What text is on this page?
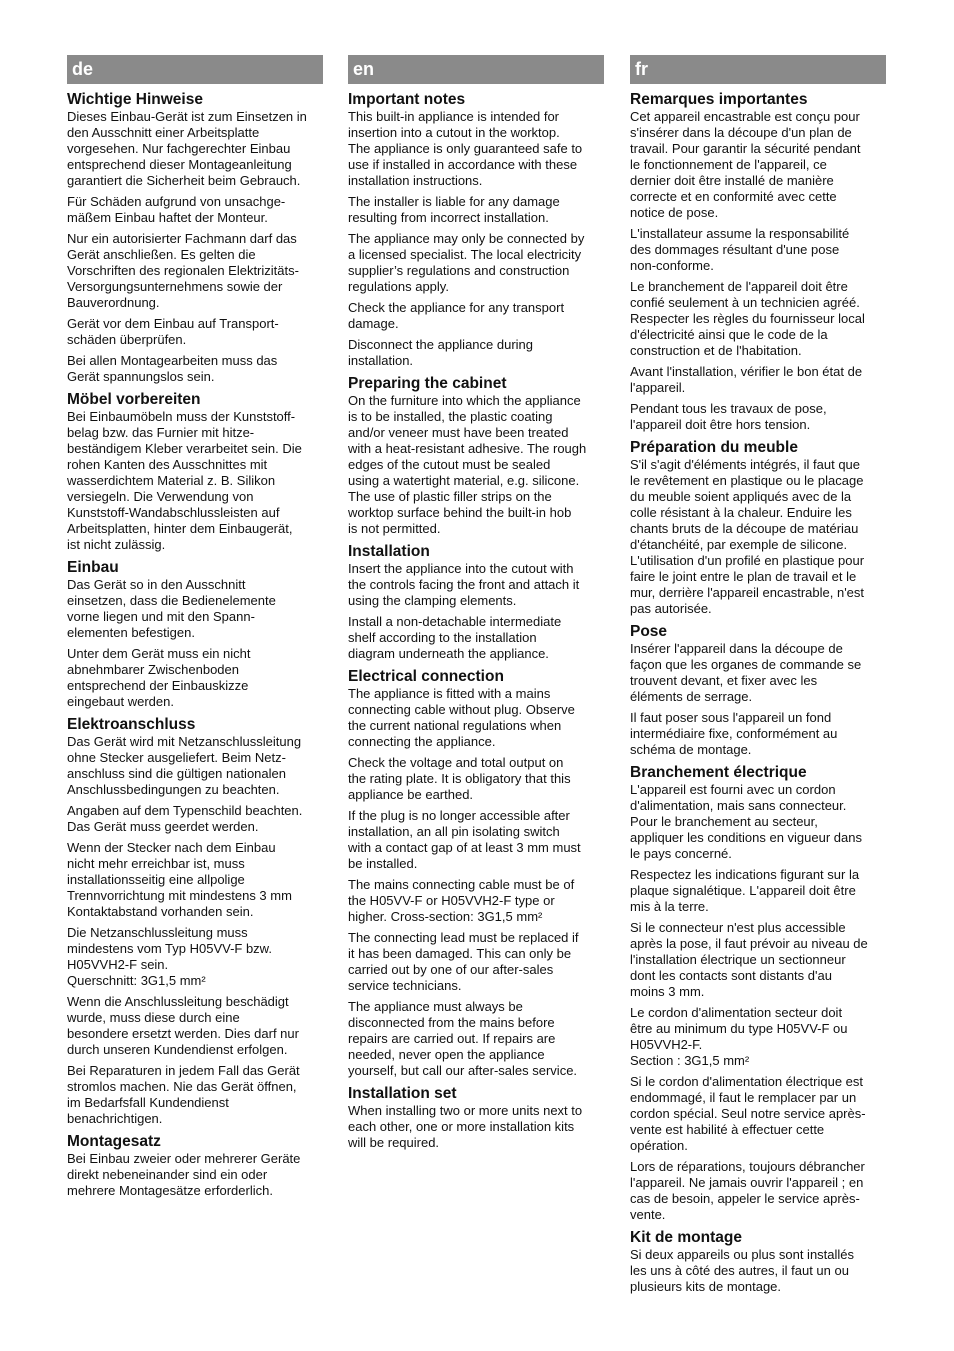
de
Wichtige Hinweise

Dieses Einbau-Gerät ist zum Einsetzen in
den Ausschnitt einer Arbeitsplatte
vorgesehen. Nur fachgerechter Einbau
entsprechend dieser Montageanleitung
garantiert die Sicherheit beim Gebrauch.

Für Schäden aufgrund von unsachge-
mäßem Einbau haftet der Monteur.

Nur ein autorisierter Fachmann darf das
Gerät anschließen. Es gelten die
Vorschriften des regionalen Elektrizitäts-
Versorgungsunternehmens sowie der
Bauverordnung.

Gerät vor dem Einbau auf Transport-
schäden überprüfen.

Bei allen Montagearbeiten muss das
Gerät spannungslos sein.

Möbel vorbereiten

Bei Einbaumöbeln muss der Kunststoff-
belag bzw. das Furnier mit hitze-
beständigem Kleber verarbeitet sein. Die
rohen Kanten des Ausschnittes mit
wasserdichtem Material z. B. Silikon
versiegeln. Die Verwendung von
Kunststoff-Wandabschlussleisten auf
Arbeitsplatten, hinter dem Einbaugerät,
ist nicht zulässig.

Einbau

Das Gerät so in den Ausschnitt
einsetzen, dass die Bedienelemente
vorne liegen und mit den Spann-
elementen befestigen.

Unter dem Gerät muss ein nicht
abnehmbarer Zwischenboden
entsprechend der Einbauskizze
eingebaut werden.

Elektroanschluss

Das Gerät wird mit Netzanschlussleitung
ohne Stecker ausgeliefert. Beim Netz-
anschluss sind die gültigen nationalen
Anschlussbedingungen zu beachten.

Angaben auf dem Typenschild beachten.
Das Gerät muss geerdet werden.

Wenn der Stecker nach dem Einbau
nicht mehr erreichbar ist, muss
installationsseitig eine allpolige
Trennvorrichtung mit mindestens 3 mm
Kontaktabstand vorhanden sein.

Die Netzanschlussleitung muss
mindestens vom Typ H05VV-F bzw.
H05VVH2-F sein.
Querschnitt: 3G1,5 mm²

Wenn die Anschlussleitung beschädigt
wurde, muss diese durch eine
besondere ersetzt werden. Dies darf nur
durch unseren Kundendienst erfolgen.

Bei Reparaturen in jedem Fall das Gerät
stromlos machen. Nie das Gerät öffnen,
im Bedarfsfall Kundendienst
benachrichtigen.

Montagesatz

Bei Einbau zweier oder mehrerer Geräte
direkt nebeneinander sind ein oder
mehrere Montagesätze erforderlich.

en
Important notes

This built-in appliance is intended for
insertion into a cutout in the worktop.
The appliance is only guaranteed safe to
use if installed in accordance with these
installation instructions.

The installer is liable for any damage
resulting from incorrect installation.

The appliance may only be connected by
a licensed specialist. The local electricity
supplier’s regulations and construction
regulations apply.

Check the appliance for any transport
damage.

Disconnect the appliance during
installation.

Preparing the cabinet

On the furniture into which the appliance
is to be installed, the plastic coating
and/or veneer must have been treated
with a heat-resistant adhesive. The rough
edges of the cutout must be sealed
using a watertight material, e.g. silicone.
The use of plastic filler strips on the
worktop surface behind the built-in hob
is not permitted.

Installation

Insert the appliance into the cutout with
the controls facing the front and attach it
using the clamping elements.

Install a non-detachable intermediate
shelf according to the installation
diagram underneath the appliance.

Electrical connection

The appliance is fitted with a mains
connecting cable without plug. Observe
the current national regulations when
connecting the appliance.

Check the voltage and total output on
the rating plate. It is obligatory that this
appliance be earthed.

If the plug is no longer accessible after
installation, an all pin isolating switch
with a contact gap of at least 3 mm must
be installed.

The mains connecting cable must be of
the H05VV-F or H05VVH2-F type or
higher. Cross-section: 3G1,5 mm²

The connecting lead must be replaced if
it has been damaged. This can only be
carried out by one of our after-sales
service technicians.

The appliance must always be
disconnected from the mains before
repairs are carried out. If repairs are
needed, never open the appliance
yourself, but call our after-sales service.

Installation set

When installing two or more units next to
each other, one or more installation kits
will be required.

fr
Remarques importantes

Cet appareil encastrable est conçu pour
s'insérer dans la découpe d'un plan de
travail. Pour garantir la sécurité pendant
le fonctionnement de l'appareil, ce
dernier doit être installé de manière
correcte et en conformité avec cette
notice de pose.

L'installateur assume la responsabilité
des dommages résultant d'une pose
non-conforme.

Le branchement de l'appareil doit être
confié seulement à un technicien agréé.
Respecter les règles du fournisseur local
d'électricité ainsi que le code de la
construction et de l'habitation.

Avant l'installation, vérifier le bon état de
l'appareil.

Pendant tous les travaux de pose,
l'appareil doit être hors tension.

Préparation du meuble

S'il s'agit d'éléments intégrés, il faut que
le revêtement en plastique ou le placage
du meuble soient appliqués avec de la
colle résistant à la chaleur. Enduire les
chants bruts de la découpe de matériau
d'étanchéité, par exemple de silicone.
L'utilisation d'un profilé en plastique pour
faire le joint entre le plan de travail et le
mur, derrière l'appareil encastrable, n'est
pas autorisée.

Pose

Insérer l'appareil dans la découpe de
façon que les organes de commande se
trouvent devant, et fixer avec les
éléments de serrage.

Il faut poser sous l'appareil un fond
intermédiaire fixe, conformément au
schéma de montage.

Branchement électrique

L'appareil est fourni avec un cordon
d'alimentation, mais sans connecteur.
Pour le branchement au secteur,
appliquer les conditions en vigueur dans
le pays concerné.

Respectez les indications figurant sur la
plaque signalétique. L'appareil doit être
mis à la terre.

Si le connecteur n'est plus accessible
après la pose, il faut prévoir au niveau de
l'installation électrique un sectionneur
dont les contacts sont distants d'au
moins 3 mm.

Le cordon d'alimentation secteur doit
être au minimum du type H05VV-F ou
H05VVH2-F.
Section : 3G1,5 mm²

Si le cordon d'alimentation électrique est
endommagé, il faut le remplacer par un
cordon spécial. Seul notre service après-
vente est habilité à effectuer cette
opération.

Lors de réparations, toujours débrancher
l'appareil. Ne jamais ouvrir l'appareil ; en
cas de besoin, appeler le service après-
vente.

Kit de montage

Si deux appareils ou plus sont installés
les uns à côté des autres, il faut un ou
plusieurs kits de montage.
